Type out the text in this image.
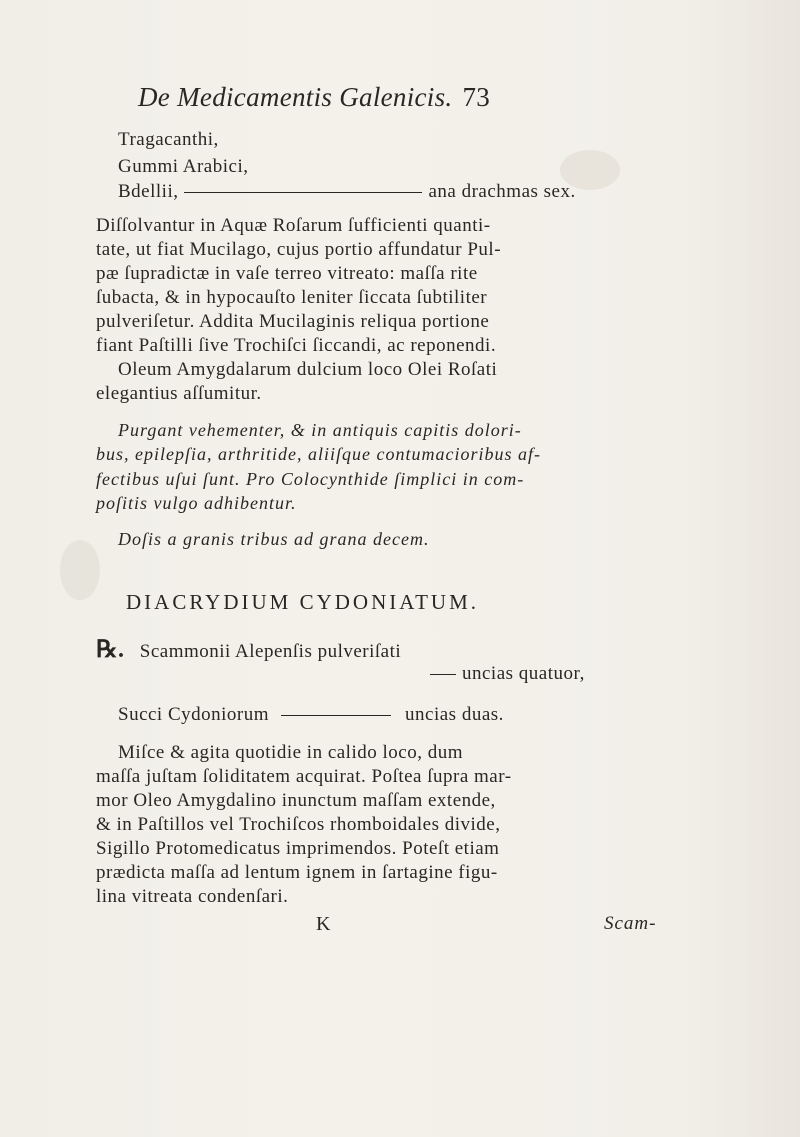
De Medicamentis Galenicis. 73
Tragacanthi,
Gummi Arabici,
Bdellii,	ana drachmas sex.
Diſſolvantur in Aquæ Roſarum ſufficienti quanti-
tate, ut fiat Mucilago, cujus portio affundatur Pul-
pæ ſupradictæ in vaſe terreo vitreato: maſſa rite
ſubacta, & in hypocauſto leniter ſiccata ſubtiliter
pulveriſetur. Addita Mucilaginis reliqua portione
fiant Paſtilli ſive Trochiſci ſiccandi, ac reponendi.
Oleum Amygdalarum dulcium loco Olei Roſati
elegantius aſſumitur.
Purgant vehementer, & in antiquis capitis dolori-
bus, epilepſia, arthritide, aliiſque contumacioribus af-
fectibus uſui ſunt. Pro Colocynthide ſimplici in com-
poſitis vulgo adhibentur.
Doſis a granis tribus ad grana decem.
DIACRYDIUM CYDONIATUM.
℞. Scammonii Alepenſis pulveriſati
uncias quatuor,
Succi Cydoniorum	uncias duas.
Miſce & agita quotidie in calido loco, dum
maſſa juſtam ſoliditatem acquirat. Poſtea ſupra mar-
mor Oleo Amygdalino inunctum maſſam extende,
& in Paſtillos vel Trochiſcos rhomboidales divide,
Sigillo Protomedicatus imprimendos. Poteſt etiam
prædicta maſſa ad lentum ignem in ſartagine figu-
lina vitreata condenſari.
K	Scam-
